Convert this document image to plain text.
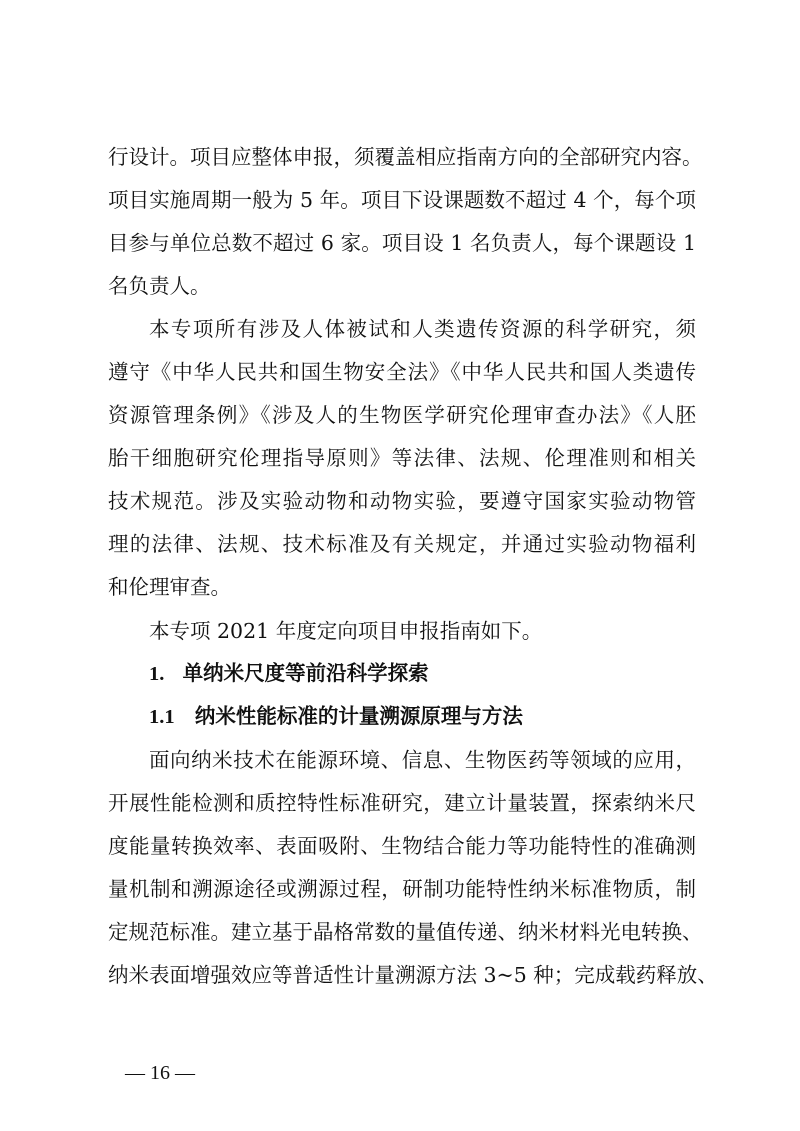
行设计。项目应整体申报，须覆盖相应指南方向的全部研究内容。
项目实施周期一般为 5 年。项目下设课题数不超过 4 个，每个项
目参与单位总数不超过 6 家。项目设 1 名负责人，每个课题设 1
名负责人。
本专项所有涉及人体被试和人类遗传资源的科学研究，须
遵守《中华人民共和国生物安全法》《中华人民共和国人类遗传
资源管理条例》《涉及人的生物医学研究伦理审查办法》《人胚
胎干细胞研究伦理指导原则》等法律、法规、伦理准则和相关
技术规范。涉及实验动物和动物实验，要遵守国家实验动物管
理的法律、法规、技术标准及有关规定，并通过实验动物福利
和伦理审查。
本专项 2021 年度定向项目申报指南如下。
1. 单纳米尺度等前沿科学探索
1.1 纳米性能标准的计量溯源原理与方法
面向纳米技术在能源环境、信息、生物医药等领域的应用，
开展性能检测和质控特性标准研究，建立计量装置，探索纳米尺
度能量转换效率、表面吸附、生物结合能力等功能特性的准确测
量机制和溯源途径或溯源过程，研制功能特性纳米标准物质，制
定规范标准。建立基于晶格常数的量值传递、纳米材料光电转换、
纳米表面增强效应等普适性计量溯源方法 3~5 种；完成载药释放、
— 16 —
